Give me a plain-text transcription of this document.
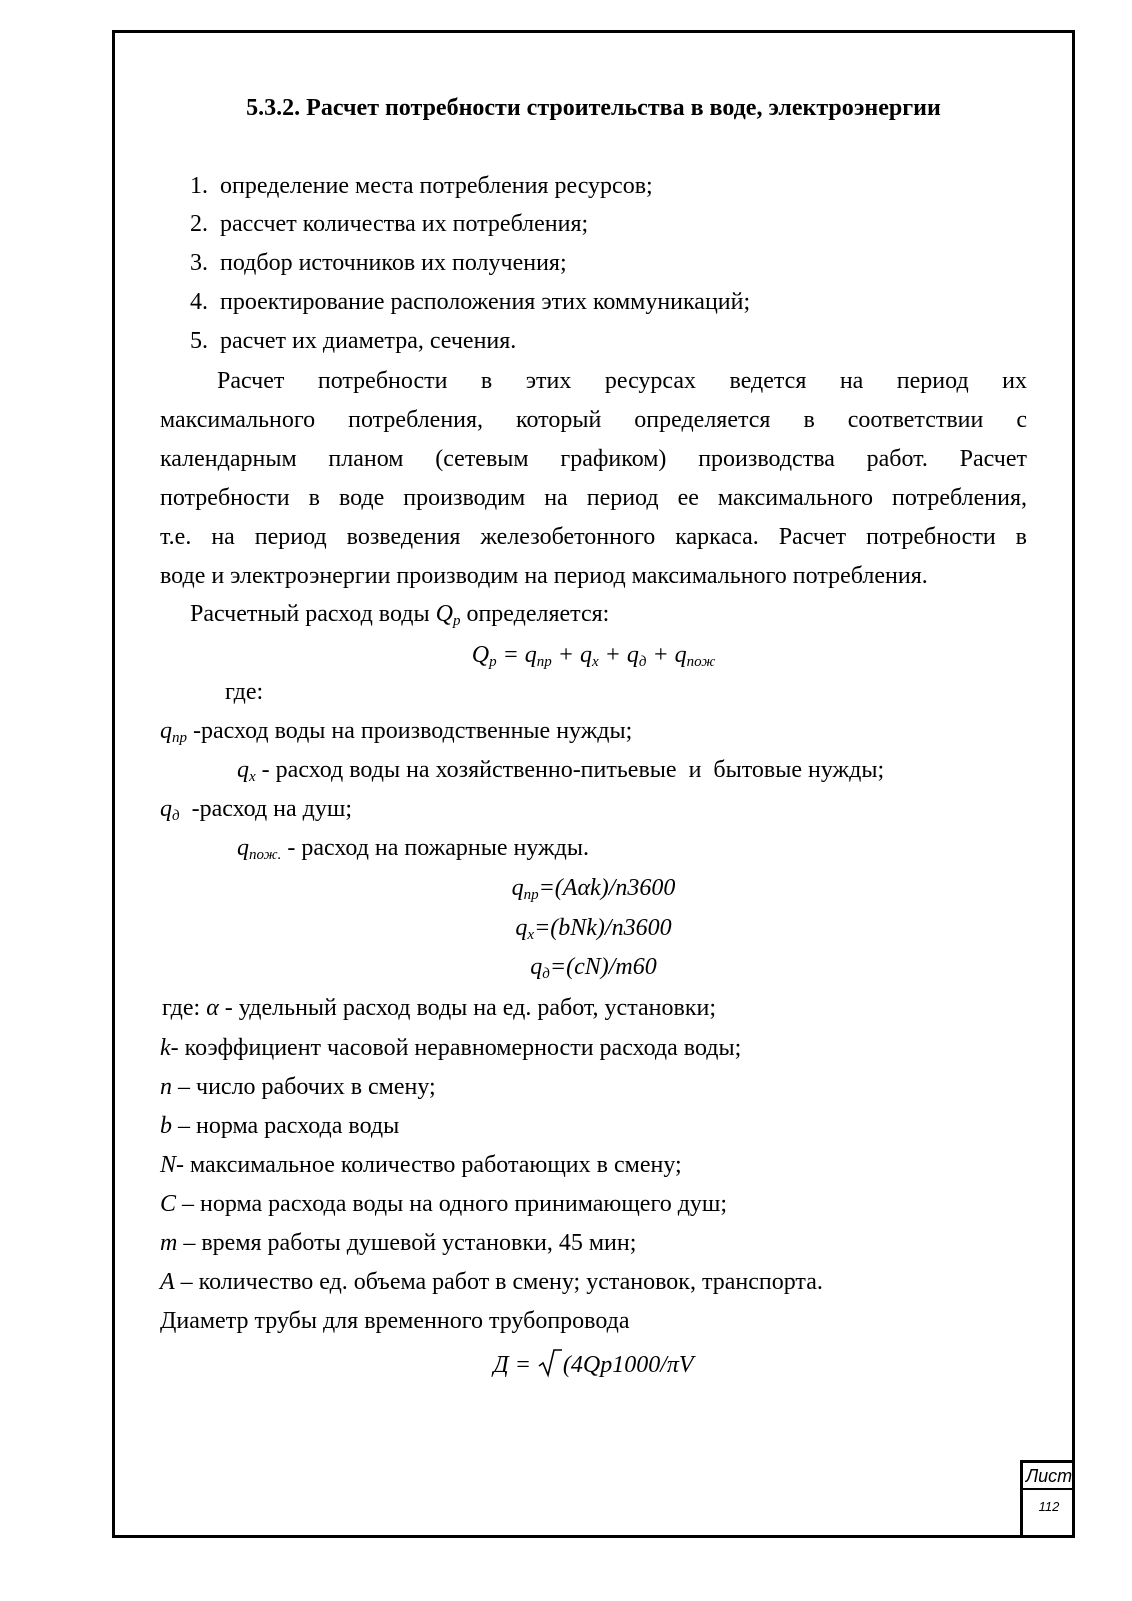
5.3.2. Расчет потребности строительства в воде, электроэнергии
1. определение места потребления ресурсов;
2. рассчет количества их потребления;
3. подбор источников их получения;
4. проектирование расположения этих коммуникаций;
5. расчет их диаметра, сечения.
Расчет потребности в этих ресурсах ведется на период их
максимального потребления, который определяется в соответствии с
календарным планом (сетевым графиком) производства работ. Расчет
потребности в воде производим на период ее максимального потребления,
т.е. на период возведения железобетонного каркаса. Расчет потребности в
воде и электроэнергии производим на период максимального потребления.
Расчетный расход воды $Q_p$ определяется:
$Q_p = q_{пр} + q_х + q_д + q_{пож}$
где:
$q_{пр}$ -расход воды на производственные нужды;
$q_х$ - расход воды на хозяйственно-питьевые  и  бытовые нужды;
$q_д$  -расход на душ;
$q_{пож.}$ - расход на пожарные нужды.
$q_{пр}=(A\alpha k)/n3600$
$q_х=(bNk)/n3600$
$q_д=(cN)/m60$
где: α - удельный расход воды на ед. работ, установки;
k- коэффициент часовой неравномерности расхода воды;
n – число рабочих в смену;
b – норма расхода воды
N- максимальное количество работающих в смену;
C – норма расхода воды на одного принимающего душ;
m – время работы душевой установки, 45 мин;
A – количество ед. объема работ в смену; установок, транспорта.
Диаметр трубы для временного трубопровода
Д = (4Qp1000/πV
Лист
112
